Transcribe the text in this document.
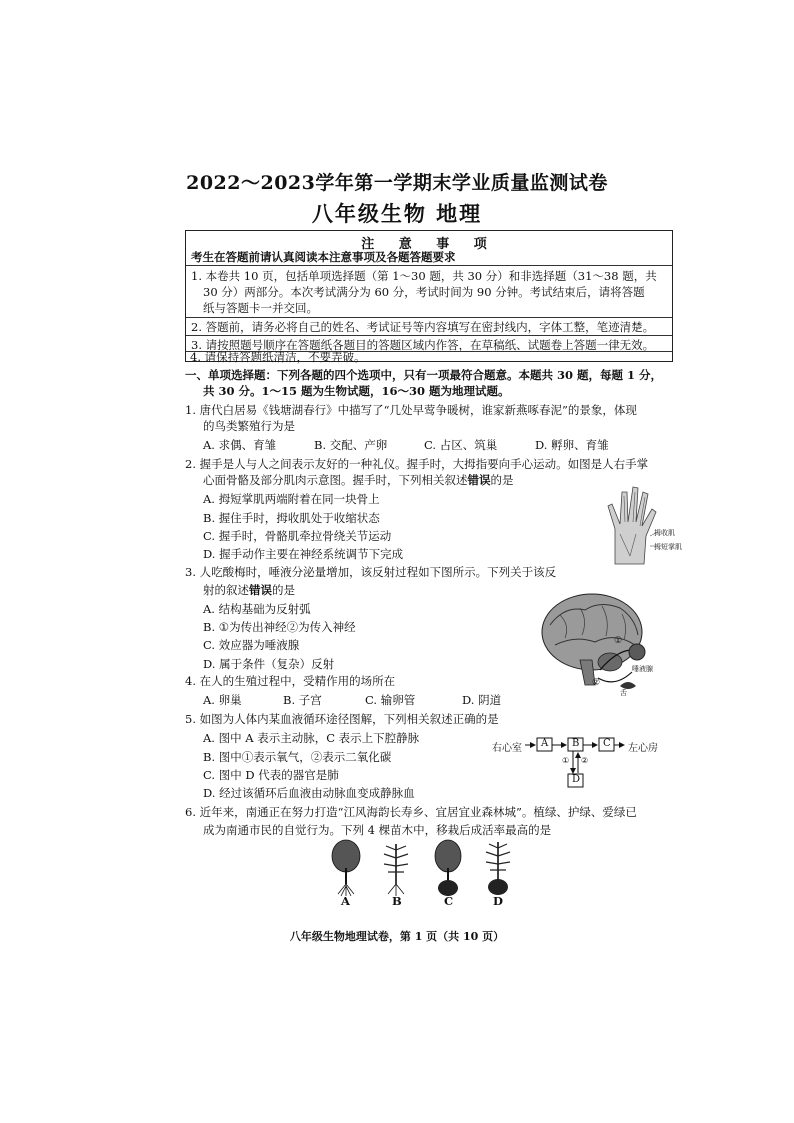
2022～2023学年第一学期末学业质量监测试卷
八年级生物 地理
注 意 事 项
考生在答题前请认真阅读本注意事项及各题答题要求
1. 本卷共 10 页，包括单项选择题（第 1～30 题，共 30 分）和非选择题（31～38 题，共
30 分）两部分。本次考试满分为 60 分，考试时间为 90 分钟。考试结束后，请将答题
纸与答题卡一并交回。
2. 答题前，请务必将自己的姓名、考试证号等内容填写在密封线内，字体工整，笔迹清楚。
3. 请按照题号顺序在答题纸各题目的答题区域内作答，在草稿纸、试题卷上答题一律无效。
4. 请保持答题纸清洁，不要弄破。
一、单项选择题：下列各题的四个选项中，只有一项最符合题意。本题共 30 题，每题 1 分，
共 30 分。1～15 题为生物试题，16～30 题为地理试题。
1. 唐代白居易《钱塘湖春行》中描写了“几处早莺争暖树，谁家新燕啄春泥”的景象，体现
的鸟类繁殖行为是
A. 求偶、育雏	B. 交配、产卵	C. 占区、筑巢	D. 孵卵、育雏
2. 握手是人与人之间表示友好的一种礼仪。握手时，大拇指要向手心运动。如图是人右手掌
心面骨骼及部分肌肉示意图。握手时，下列相关叙述错误的是
A. 拇短掌肌两端附着在同一块骨上
B. 握住手时，拇收肌处于收缩状态
C. 握手时，骨骼肌牵拉骨绕关节运动
D. 握手动作主要在神经系统调节下完成
拇收肌
拇短掌肌
3. 人吃酸梅时，唾液分泌量增加，该反射过程如下图所示。下列关于该反
射的叙述错误的是
A. 结构基础为反射弧
B. ①为传出神经②为传入神经
C. 效应器为唾液腺
D. 属于条件（复杂）反射
①
②
唾液腺
舌
4. 在人的生殖过程中，受精作用的场所在
A. 卵巢	B. 子宫	C. 输卵管	D. 阴道
5. 如图为人体内某血液循环途径图解，下列相关叙述正确的是
A. 图中 A 表示主动脉，C 表示上下腔静脉
B. 图中①表示氧气，②表示二氧化碳
C. 图中 D 代表的器官是肺
D. 经过该循环后血液由动脉血变成静脉血
右心室 A B C
D
① ②
左心房
6. 近年来，南通正在努力打造“江风海韵长寿乡、宜居宜业森林城”。植绿、护绿、爱绿已
成为南通市民的自觉行为。下列 4 棵苗木中，移栽后成活率最高的是
A	B	C	D
八年级生物地理试卷，第 1 页（共 10 页）
